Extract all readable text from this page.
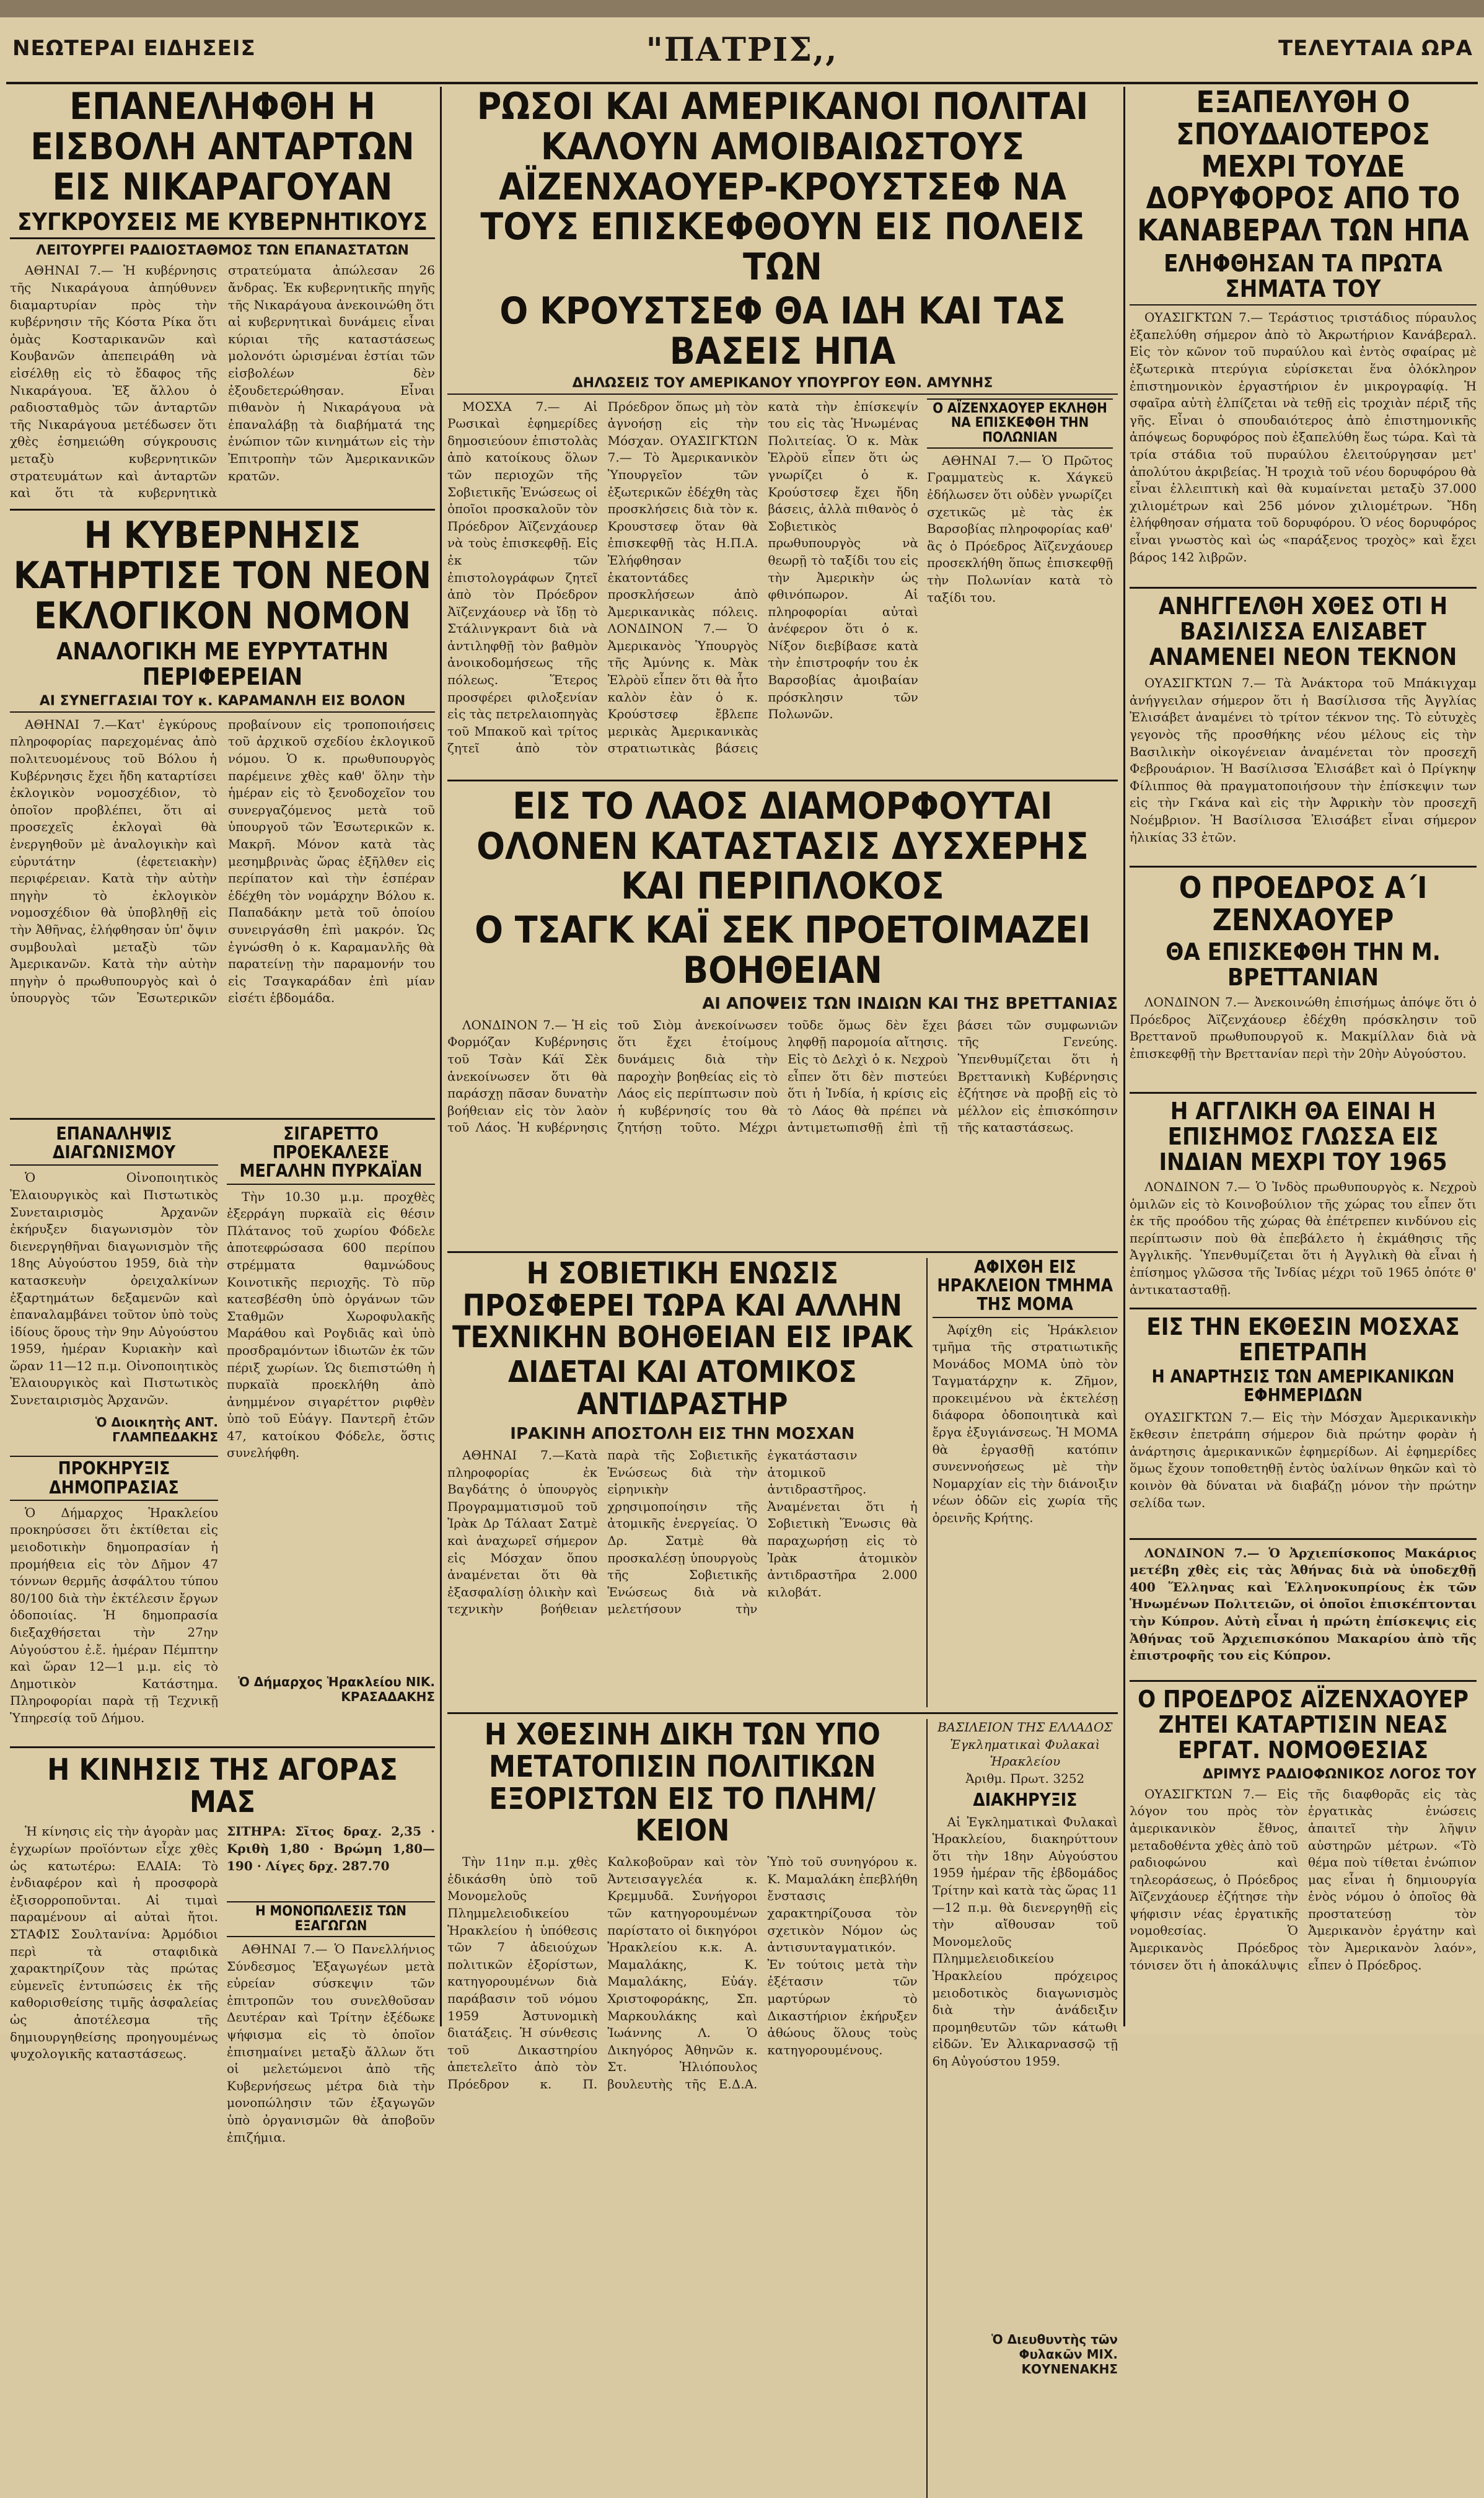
ΝΕΩΤΕΡΑΙ ΕΙΔΗΣΕΙΣ	"ΠΑΤΡΙΣ,,	ΤΕΛΕΥΤΑΙΑ ΩΡΑ
ΕΠΑΝΕΛΗΦΘΗ Η ΕΙΣΒΟΛΗ ΑΝΤΑΡΤΩΝ ΕΙΣ ΝΙΚΑΡΑΓΟΥΑΝ
ΣΥΓΚΡΟΥΣΕΙΣ ΜΕ ΚΥΒΕΡΝΗΤΙΚΟΥΣ
ΛΕΙΤΟΥΡΓΕΙ ΡΑΔΙΟΣΤΑΘΜΟΣ ΤΩΝ ΕΠΑΝΑΣΤΑΤΩΝ

ΑΘΗΝΑΙ 7.— Ἡ κυβέρνησις τῆς Νικαράγουα ἀπηύθυνεν διαμαρτυρίαν πρὸς τὴν κυβέρνησιν τῆς Κόστα Ρίκα ὅτι ὁμὰς Κοσταρικανῶν καὶ Κουβανῶν ἀπεπειράθη νὰ εἰσέλθῃ εἰς τὸ ἔδαφος τῆς Νικαράγουα. Ἐξ ἄλλου ὁ ραδιοσταθμὸς τῶν ἀνταρτῶν τῆς Νικαράγουα μετέδωσεν ὅτι χθὲς ἐσημειώθη σύγκρουσις μεταξὺ κυβερνητικῶν στρατευμάτων καὶ ἀνταρτῶν καὶ ὅτι τὰ κυβερνητικὰ στρατεύματα ἀπώλεσαν 26 ἄνδρας. Ἐκ κυβερνητικῆς πηγῆς τῆς Νικαράγουα ἀνεκοινώθη ὅτι αἱ κυβερνητικαὶ δυνάμεις εἶναι κύριαι τῆς καταστάσεως μολονότι ὡρισμέναι ἑστίαι τῶν εἰσβολέων δὲν ἐξουδετερώθησαν. Εἶναι πιθανὸν ἡ Νικαράγουα νὰ ἐπαναλάβῃ τὰ διαβήματά της ἐνώπιον τῶν κινημάτων εἰς τὴν Ἐπιτροπὴν τῶν Ἀμερικανικῶν κρατῶν.

Η ΚΥΒΕΡΝΗΣΙΣ ΚΑΤΗΡΤΙΣΕ ΤΟΝ ΝΕΟΝ ΕΚΛΟΓΙΚΟΝ ΝΟΜΟΝ
ΑΝΑΛΟΓΙΚΗ ΜΕ ΕΥΡΥΤΑΤΗΝ ΠΕΡΙΦΕΡΕΙΑΝ
ΑΙ ΣΥΝΕΓΓΑΣΙΑΙ ΤΟΥ κ. ΚΑΡΑΜΑΝΛΗ ΕΙΣ ΒΟΛΟΝ

ΑΘΗΝΑΙ 7.—Κατ' ἐγκύρους πληροφορίας παρεχομένας ἀπὸ πολιτευομένους τοῦ Βόλου ἡ Κυβέρνησις ἔχει ἤδη καταρτίσει ἐκλογικὸν νομοσχέδιον, τὸ ὁποῖον προβλέπει, ὅτι αἱ προσεχεῖς ἐκλογαὶ θὰ ἐνεργηθοῦν μὲ ἀναλογικὴν καὶ εὐρυτάτην (ἐφετειακὴν) περιφέρειαν. Κατὰ τὴν αὐτὴν πηγὴν τὸ ἐκλογικὸν νομοσχέδιον θὰ ὑποβληθῇ εἰς τὴν Ἀθῆνας, ἐλήφθησαν ὑπ' ὄψιν συμβουλαὶ μεταξὺ τῶν Ἀμερικανῶν. Κατὰ τὴν αὐτὴν πηγὴν ὁ πρωθυπουργὸς καὶ ὁ ὑπουργὸς τῶν Ἐσωτερικῶν προβαίνουν εἰς τροποποιήσεις τοῦ ἀρχικοῦ σχεδίου ἐκλογικοῦ νόμου. Ὁ κ. πρωθυπουργὸς παρέμεινε χθὲς καθ' ὅλην τὴν ἡμέραν εἰς τὸ ξενοδοχεῖον του συνεργαζόμενος μετὰ τοῦ ὑπουργοῦ τῶν Ἐσωτερικῶν κ. Μακρῆ. Μόνον κατὰ τὰς μεσημβρινὰς ὥρας ἐξῆλθεν εἰς περίπατον καὶ τὴν ἑσπέραν ἐδέχθη τὸν νομάρχην Βόλου κ. Παπαδάκην μετὰ τοῦ ὁποίου συνειργάσθη ἐπὶ μακρόν. Ὡς ἐγνώσθη ὁ κ. Καραμανλῆς θὰ παρατείνῃ τὴν παραμονήν του εἰς Τσαγκαράδαν ἐπὶ μίαν εἰσέτι ἑβδομάδα.

ΕΠΑΝΑΛΗΨΙΣ ΔΙΑΓΩΝΙΣΜΟΥ

Ὁ Οἰνοποιητικὸς Ἐλαιουργικὸς καὶ Πιστωτικὸς Συνεταιρισμὸς Ἀρχανῶν ἐκήρυξεν διαγωνισμὸν τὸν διενεργηθῆναι διαγωνισμὸν τῆς 18ης Αὐγούστου 1959, διὰ τὴν κατασκευὴν ὀρειχαλκίνων ἐξαρτημάτων δεξαμενῶν καὶ ἐπαναλαμβάνει τοῦτον ὑπὸ τοὺς ἰδίους ὅρους τὴν 9ην Αὐγούστου 1959, ἡμέραν Κυριακὴν καὶ ὥραν 11—12 π.μ. Οἰνοποιητικὸς Ἐλαιουργικὸς καὶ Πιστωτικὸς Συνεταιρισμὸς Ἀρχανῶν.

Ὁ Διοικητὴς ΑΝΤ. ΓΛΑΜΠΕΔΑΚΗΣ
ΠΡΟΚΗΡΥΞΙΣ ΔΗΜΟΠΡΑΣΙΑΣ

Ὁ Δήμαρχος Ἡρακλείου προκηρύσσει ὅτι ἐκτίθεται εἰς μειοδοτικὴν δημοπρασίαν ἡ προμήθεια εἰς τὸν Δῆμον 47 τόννων θερμῆς ἀσφάλτου τύπου 80/100 διὰ τὴν ἐκτέλεσιν ἔργων ὁδοποιίας. Ἡ δημοπρασία διεξαχθήσεται τὴν 27ην Αὐγούστου ἐ.ἔ. ἡμέραν Πέμπτην καὶ ὥραν 12—1 μ.μ. εἰς τὸ Δημοτικὸν Κατάστημα. Πληροφορίαι παρὰ τῇ Τεχνικῇ Ὑπηρεσίᾳ τοῦ Δήμου.

ΣΙΓΑΡΕΤΤΟ ΠΡΟΕΚΑΛΕΣΕ ΜΕΓΑΛΗΝ ΠΥΡΚΑΪΑΝ

Τὴν 10.30 μ.μ. προχθὲς ἐξερράγη πυρκαϊὰ εἰς θέσιν Πλάτανος τοῦ χωρίου Φόδελε ἀποτεφρώσασα 600 περίπου στρέμματα θαμνώδους Κοινοτικῆς περιοχῆς. Τὸ πῦρ κατεσβέσθη ὑπὸ ὀργάνων τῶν Σταθμῶν Χωροφυλακῆς Μαράθου καὶ Ρογδιᾶς καὶ ὑπὸ προσδραμόντων ἰδιωτῶν ἐκ τῶν πέριξ χωρίων. Ὡς διεπιστώθη ἡ πυρκαϊὰ προεκλήθη ἀπὸ ἀνημμένον σιγαρέττον ριφθὲν ὑπὸ τοῦ Εὐάγγ. Παντερῆ ἐτῶν 47, κατοίκου Φόδελε, ὅστις συνελήφθη.

Ὁ Δήμαρχος Ἡρακλείου ΝΙΚ. ΚΡΑΣΑΔΑΚΗΣ
Η ΚΙΝΗΣΙΣ ΤΗΣ ΑΓΟΡΑΣ ΜΑΣ

Ἡ κίνησις εἰς τὴν ἀγορὰν μας ἐγχωρίων προϊόντων εἶχε χθὲς ὡς κατωτέρω: ΕΛΑΙΑ: Τὸ ἐνδιαφέρον καὶ ἡ προσφορὰ ἐξισορροποῦνται. Αἱ τιμαὶ παραμένουν αἱ αὐταὶ ἤτοι. ΣΤΑΦΙΣ Σουλτανίνα: Ἀρμόδιοι περὶ τὰ σταφιδικὰ χαρακτηρίζουν τὰς πρώτας εὐμενεῖς ἐντυπώσεις ἐκ τῆς καθορισθείσης τιμῆς ἀσφαλείας ὡς ἀποτέλεσμα τῆς δημιουργηθείσης προηγουμένως ψυχολογικῆς καταστάσεως.

ΣΙΤΗΡΑ: Σῖτος δραχ. 2,35 · Κριθὴ 1,80 · Βρώμη 1,80—190 · Λίγες δρχ. 287.70
Η ΜΟΝΟΠΩΛΕΣΙΣ ΤΩΝ ΕΞΑΓΩΓΩΝ

ΑΘΗΝΑΙ 7.— Ὁ Πανελλήνιος Σύνδεσμος Ἐξαγωγέων μετὰ εὐρείαν σύσκεψιν τῶν ἐπιτροπῶν του συνελθοῦσαν Δευτέραν καὶ Τρίτην ἐξέδωκε ψήφισμα εἰς τὸ ὁποῖον ἐπισημαίνει μεταξὺ ἄλλων ὅτι οἱ μελετώμενοι ἀπὸ τῆς Κυβερνήσεως μέτρα διὰ τὴν μονοπώλησιν τῶν ἐξαγωγῶν ὑπὸ ὀργανισμῶν θὰ ἀποβοῦν ἐπιζήμια.

ΡΩΣΟΙ ΚΑΙ ΑΜΕΡΙΚΑΝΟΙ ΠΟΛΙΤΑΙ ΚΑΛΟΥΝ ΑΜΟΙΒΑΙΩΣΤΟΥΣ ΑΪΖΕΝΧΑΟΥΕΡ-ΚΡΟΥΣΤΣΕΦ ΝΑ ΤΟΥΣ ΕΠΙΣΚΕΦΘΟΥΝ ΕΙΣ ΠΟΛΕΙΣ ΤΩΝ
Ο ΚΡΟΥΣΤΣΕΦ ΘΑ ΙΔΗ ΚΑΙ ΤΑΣ ΒΑΣΕΙΣ ΗΠΑ
ΔΗΛΩΣΕΙΣ ΤΟΥ ΑΜΕΡΙΚΑΝΟΥ ΥΠΟΥΡΓΟΥ ΕΘΝ. ΑΜΥΝΗΣ

ΜΟΣΧΑ 7.— Αἱ Ρωσικαὶ ἐφημερίδες δημοσιεύουν ἐπιστολὰς ἀπὸ κατοίκους ὅλων τῶν περιοχῶν τῆς Σοβιετικῆς Ἑνώσεως οἱ ὁποῖοι προσκαλοῦν τὸν Πρόεδρον Ἀϊζενχάουερ νὰ τοὺς ἐπισκεφθῇ. Εἰς ἐκ τῶν ἐπιστολογράφων ζητεῖ ἀπὸ τὸν Πρόεδρον Ἀϊζενχάουερ νὰ ἴδῃ τὸ Στάλινγκραντ διὰ νὰ ἀντιληφθῇ τὸν βαθμὸν ἀνοικοδομήσεως τῆς πόλεως. Ἕτερος προσφέρει φιλοξενίαν εἰς τὰς πετρελαιοπηγὰς τοῦ Μπακοῦ καὶ τρίτος ζητεῖ ἀπὸ τὸν Πρόεδρον ὅπως μὴ τὸν ἀγνοήσῃ εἰς τὴν Μόσχαν. ΟΥΑΣΙΓΚΤΩΝ 7.— Τὸ Ἀμερικανικὸν Ὑπουργεῖον τῶν ἐξωτερικῶν ἐδέχθη τὰς προσκλήσεις διὰ τὸν κ. Κρουστσεφ ὅταν θὰ ἐπισκεφθῇ τὰς Η.Π.Α. Ἐλήφθησαν ἑκατοντάδες προσκλήσεων ἀπὸ Ἀμερικανικὰς πόλεις. ΛΟΝΔΙΝΟΝ 7.— Ὁ Ἀμερικανὸς Ὑπουργὸς τῆς Ἀμύνης κ. Μὰκ Ἐλρὸϋ εἶπεν ὅτι θὰ ἦτο καλὸν ἐὰν ὁ κ. Κρούστσεφ ἔβλεπε μερικὰς Ἀμερικανικὰς στρατιωτικὰς βάσεις κατὰ τὴν ἐπίσκεψίν του εἰς τὰς Ἡνωμένας Πολιτείας. Ὁ κ. Μὰκ Ἐλρὸϋ εἶπεν ὅτι ὡς γνωρίζει ὁ κ. Κρούστσεφ ἔχει ἤδη βάσεις, ἀλλὰ πιθανὸς ὁ Σοβιετικὸς πρωθυπουργὸς νὰ θεωρῇ τὸ ταξίδι του εἰς τὴν Ἀμερικὴν ὡς φθινόπωρον. Αἱ πληροφορίαι αὐταὶ ἀνέφερον ὅτι ὁ κ. Νίξον διεβίβασε κατὰ τὴν ἐπιστροφήν του ἐκ Βαρσοβίας ἀμοιβαίαν πρόσκλησιν τῶν Πολωνῶν.

Ο ΑΪΖΕΝΧΑΟΥΕΡ ΕΚΛΗΘΗ ΝΑ ΕΠΙΣΚΕΦΘΗ ΤΗΝ ΠΟΛΩΝΙΑΝ

ΑΘΗΝΑΙ 7.— Ὁ Πρῶτος Γραμματεὺς κ. Χάγκεϋ ἐδήλωσεν ὅτι οὐδὲν γνωρίζει σχετικῶς μὲ τὰς ἐκ Βαρσοβίας πληροφορίας καθ' ἃς ὁ Πρόεδρος Ἀϊζενχάουερ προσεκλήθη ὅπως ἐπισκεφθῇ τὴν Πολωνίαν κατὰ τὸ ταξίδι του.

ΕΙΣ ΤΟ ΛΑΟΣ ΔΙΑΜΟΡΦΟΥΤΑΙ ΟΛΟΝΕΝ ΚΑΤΑΣΤΑΣΙΣ ΔΥΣΧΕΡΗΣ ΚΑΙ ΠΕΡΙΠΛΟΚΟΣ
Ο ΤΣΑΓΚ ΚΑΪ ΣΕΚ ΠΡΟΕΤΟΙΜΑΖΕΙ ΒΟΗΘΕΙΑΝ
ΑΙ ΑΠΟΨΕΙΣ ΤΩΝ ΙΝΔΙΩΝ ΚΑΙ ΤΗΣ ΒΡΕΤΤΑΝΙΑΣ

ΛΟΝΔΙΝΟΝ 7.— Ἡ εἰς Φορμόζαν Κυβέρνησις τοῦ Τσὰν Κάϊ Σὲκ ἀνεκοίνωσεν ὅτι θὰ παράσχῃ πᾶσαν δυνατὴν βοήθειαν εἰς τὸν λαὸν τοῦ Λάος. Ἡ κυβέρνησις τοῦ Σιὸμ ἀνεκοίνωσεν ὅτι ἔχει ἐτοίμους δυνάμεις διὰ τὴν παροχὴν βοηθείας εἰς τὸ Λάος εἰς περίπτωσιν ποὺ ἡ κυβέρνησίς του θὰ ζητήσῃ τοῦτο. Μέχρι τοῦδε ὅμως δὲν ἔχει ληφθῇ παρομοία αἴτησις. Εἰς τὸ Δελχὶ ὁ κ. Νεχροὺ εἶπεν ὅτι δὲν πιστεύει ὅτι ἡ Ἰνδία, ἡ κρίσις εἰς τὸ Λάος θὰ πρέπει νὰ ἀντιμετωπισθῇ ἐπὶ τῇ βάσει τῶν συμφωνιῶν τῆς Γενεύης. Ὑπενθυμίζεται ὅτι ἡ Βρεττανικὴ Κυβέρνησις ἐζήτησε νὰ προβῇ εἰς τὸ μέλλον εἰς ἐπισκόπησιν τῆς καταστάσεως.

Η ΣΟΒΙΕΤΙΚΗ ΕΝΩΣΙΣ ΠΡΟΣΦΕΡΕΙ ΤΩΡΑ ΚΑΙ ΑΛΛΗΝ ΤΕΧΝΙΚΗΝ ΒΟΗΘΕΙΑΝ ΕΙΣ ΙΡΑΚ
ΔΙΔΕΤΑΙ ΚΑΙ ΑΤΟΜΙΚΟΣ ΑΝΤΙΔΡΑΣΤΗΡ
ΙΡΑΚΙΝΗ ΑΠΟΣΤΟΛΗ ΕΙΣ ΤΗΝ ΜΟΣΧΑΝ

ΑΘΗΝΑΙ 7.—Κατὰ πληροφορίας ἐκ Βαγδάτης ὁ ὑπουργὸς Προγραμματισμοῦ τοῦ Ἰρὰκ Δρ Τάλαατ Σατμὲ καὶ ἀναχωρεῖ σήμερον εἰς Μόσχαν ὅπου ἀναμένεται ὅτι θὰ ἐξασφαλίσῃ ὁλικὴν καὶ τεχνικὴν βοήθειαν παρὰ τῆς Σοβιετικῆς Ἑνώσεως διὰ τὴν εἰρηνικὴν χρησιμοποίησιν τῆς ἀτομικῆς ἐνεργείας. Ὁ Δρ. Σατμὲ θὰ προσκαλέσῃ ὑπουργοὺς τῆς Σοβιετικῆς Ἑνώσεως διὰ νὰ μελετήσουν τὴν ἐγκατάστασιν ἀτομικοῦ ἀντιδραστῆρος. Ἀναμένεται ὅτι ἡ Σοβιετικὴ Ἕνωσις θὰ παραχωρήσῃ εἰς τὸ Ἰρὰκ ἀτομικὸν ἀντιδραστῆρα 2.000 κιλοβάτ.

ΑΦΙΧΘΗ ΕΙΣ ΗΡΑΚΛΕΙΟΝ ΤΜΗΜΑ ΤΗΣ ΜΟΜΑ

Ἀφίχθη εἰς Ἡράκλειον τμῆμα τῆς στρατιωτικῆς Μονάδος ΜΟΜΑ ὑπὸ τὸν Ταγματάρχην κ. Ζῆμον, προκειμένου νὰ ἐκτελέσῃ διάφορα ὁδοποιητικὰ καὶ ἔργα ἐξυγιάνσεως. Ἡ ΜΟΜΑ θὰ ἐργασθῇ κατόπιν συνεννοήσεως μὲ τὴν Νομαρχίαν εἰς τὴν διάνοιξιν νέων ὁδῶν εἰς χωρία τῆς ὀρεινῆς Κρήτης.

Η ΧΘΕΣΙΝΗ ΔΙΚΗ ΤΩΝ ΥΠΟ ΜΕΤΑΤΟΠΙΣΙΝ ΠΟΛΙΤΙΚΩΝ ΕΞΟΡΙΣΤΩΝ ΕΙΣ ΤΟ ΠΛΗΜ/ΚΕΙΟΝ

Τὴν 11ην π.μ. χθὲς ἐδικάσθη ὑπὸ τοῦ Μονομελοῦς Πλημμελειοδικείου Ἡρακλείου ἡ ὑπόθεσις τῶν 7 ἀδειούχων πολιτικῶν ἐξορίστων, κατηγορουμένων διὰ παράβασιν τοῦ νόμου 1959 Ἀστυνομικὴ διατάξεις. Ἡ σύνθεσις τοῦ Δικαστηρίου ἀπετελεῖτο ἀπὸ τὸν Πρόεδρον κ. Π. Καλκοβοῦραν καὶ τὸν Ἀντεισαγγελέα κ. Κρεμμυδᾶ. Συνήγοροι τῶν κατηγορουμένων παρίστατο οἱ δικηγόροι Ἡρακλείου κ.κ. Α. Μαμαλάκης, Κ. Μαμαλάκης, Εὐάγ. Χριστοφοράκης, Σπ. Μαρκουλάκης καὶ Ἰωάννης Λ. Ὁ Δικηγόρος Ἀθηνῶν κ. Στ. Ἠλιόπουλος βουλευτὴς τῆς Ε.Δ.Α. Ὑπὸ τοῦ συνηγόρου κ. Κ. Μαμαλάκη ἐπεβλήθη ἔνστασις χαρακτηρίζουσα τὸν σχετικὸν Νόμον ὡς ἀντισυνταγματικόν. Ἐν τούτοις μετὰ τὴν ἐξέτασιν τῶν μαρτύρων τὸ Δικαστήριον ἐκήρυξεν ἀθώους ὅλους τοὺς κατηγορουμένους.

ΒΑΣΙΛΕΙΟΝ ΤΗΣ ΕΛΛΑΔΟΣ Ἐγκληματικαὶ Φυλακαὶ Ἡρακλείου
Ἀριθμ. Πρωτ. 3252
ΔΙΑΚΗΡΥΞΙΣ

Αἱ Ἐγκληματικαὶ Φυλακαὶ Ἡρακλείου, διακηρύττουν ὅτι τὴν 18ην Αὐγούστου 1959 ἡμέραν τῆς ἑβδομάδος Τρίτην καὶ κατὰ τὰς ὥρας 11—12 π.μ. θὰ διενεργηθῇ εἰς τὴν αἴθουσαν τοῦ Μονομελοῦς Πλημμελειοδικείου Ἡρακλείου πρόχειρος μειοδοτικὸς διαγωνισμὸς διὰ τὴν ἀνάδειξιν προμηθευτῶν τῶν κάτωθι εἰδῶν. Ἐν Ἀλικαρνασσῷ τῇ 6η Αὐγούστου 1959.

Ὁ Διευθυντὴς τῶν Φυλακῶν ΜΙΧ. ΚΟΥΝΕΝΑΚΗΣ
ΕΞΑΠΕΛΥΘΗ Ο ΣΠΟΥΔΑΙΟΤΕΡΟΣ ΜΕΧΡΙ ΤΟΥΔΕ ΔΟΡΥΦΟΡΟΣ ΑΠΟ ΤΟ ΚΑΝΑΒΕΡΑΛ ΤΩΝ ΗΠΑ
ΕΛΗΦΘΗΣΑΝ ΤΑ ΠΡΩΤΑ ΣΗΜΑΤΑ ΤΟΥ

ΟΥΑΣΙΓΚΤΩΝ 7.— Τεράστιος τριστάδιος πύραυλος ἐξαπελύθη σήμερον ἀπὸ τὸ Ἀκρωτήριον Κανάβεραλ. Εἰς τὸν κῶνον τοῦ πυραύλου καὶ ἐντὸς σφαίρας μὲ ἐξωτερικὰ πτερύγια εὑρίσκεται ἕνα ὁλόκληρον ἐπιστημονικὸν ἐργαστήριον ἐν μικρογραφίᾳ. Ἡ σφαῖρα αὐτὴ ἐλπίζεται νὰ τεθῇ εἰς τροχιὰν πέριξ τῆς γῆς. Εἶναι ὁ σπουδαιότερος ἀπὸ ἐπιστημονικῆς ἀπόψεως δορυφόρος ποὺ ἐξαπελύθη ἕως τώρα. Καὶ τὰ τρία στάδια τοῦ πυραύλου ἐλειτούργησαν μετ' ἀπολύτου ἀκριβείας. Ἡ τροχιὰ τοῦ νέου δορυφόρου θὰ εἶναι ἐλλειπτικὴ καὶ θὰ κυμαίνεται μεταξὺ 37.000 χιλιομέτρων καὶ 256 μόνον χιλιομέτρων. Ἤδη ἐλήφθησαν σήματα τοῦ δορυφόρου. Ὁ νέος δορυφόρος εἶναι γνωστὸς καὶ ὡς «παράξενος τροχὸς» καὶ ἔχει βάρος 142 λιβρῶν.

ΑΝΗΓΓΕΛΘΗ ΧΘΕΣ ΟΤΙ Η ΒΑΣΙΛΙΣΣΑ ΕΛΙΣΑΒΕΤ ΑΝΑΜΕΝΕΙ ΝΕΟΝ ΤΕΚΝΟΝ

ΟΥΑΣΙΓΚΤΩΝ 7.— Τὰ Ἀνάκτορα τοῦ Μπάκιγχαμ ἀνήγγειλαν σήμερον ὅτι ἡ Βασίλισσα τῆς Ἀγγλίας Ἐλισάβετ ἀναμένει τὸ τρίτον τέκνον της. Τὸ εὐτυχὲς γεγονὸς τῆς προσθήκης νέου μέλους εἰς τὴν Βασιλικὴν οἰκογένειαν ἀναμένεται τὸν προσεχῆ Φεβρουάριον. Ἡ Βασίλισσα Ἐλισάβετ καὶ ὁ Πρίγκηψ Φίλιππος θὰ πραγματοποιήσουν τὴν ἐπίσκεψιν των εἰς τὴν Γκάνα καὶ εἰς τὴν Ἀφρικὴν τὸν προσεχῆ Νοέμβριον. Ἡ Βασίλισσα Ἐλισάβετ εἶναι σήμερον ἡλικίας 33 ἐτῶν.

Ο ΠΡΟΕΔΡΟΣ Α΄Ι ΖΕΝΧΑΟΥΕΡ
ΘΑ ΕΠΙΣΚΕΦΘΗ ΤΗΝ Μ. ΒΡΕΤΤΑΝΙΑΝ

ΛΟΝΔΙΝΟΝ 7.— Ἀνεκοινώθη ἐπισήμως ἀπόψε ὅτι ὁ Πρόεδρος Ἀϊζενχάουερ ἐδέχθη πρόσκλησιν τοῦ Βρεττανοῦ πρωθυπουργοῦ κ. Μακμίλλαν διὰ νὰ ἐπισκεφθῇ τὴν Βρεττανίαν περὶ τὴν 20ὴν Αὐγούστου.

Η ΑΓΓΛΙΚΗ ΘΑ ΕΙΝΑΙ Η ΕΠΙΣΗΜΟΣ ΓΛΩΣΣΑ ΕΙΣ ΙΝΔΙΑΝ ΜΕΧΡΙ ΤΟΥ 1965

ΛΟΝΔΙΝΟΝ 7.— Ὁ Ἰνδὸς πρωθυπουργὸς κ. Νεχροὺ ὁμιλῶν εἰς τὸ Κοινοβούλιον τῆς χώρας του εἶπεν ὅτι ἐκ τῆς προόδου τῆς χώρας θὰ ἐπέτρεπεν κινδύνου εἰς περίπτωσιν ποὺ θὰ ἐπεβάλετο ἡ ἐκμάθησις τῆς Ἀγγλικῆς. Ὑπενθυμίζεται ὅτι ἡ Ἀγγλικὴ θὰ εἶναι ἡ ἐπίσημος γλῶσσα τῆς Ἰνδίας μέχρι τοῦ 1965 ὁπότε θ' ἀντικατασταθῇ.

ΕΙΣ ΤΗΝ ΕΚΘΕΣΙΝ ΜΟΣΧΑΣ ΕΠΕΤΡΑΠΗ
Η ΑΝΑΡΤΗΣΙΣ ΤΩΝ ΑΜΕΡΙΚΑΝΙΚΩΝ ΕΦΗΜΕΡΙΔΩΝ

ΟΥΑΣΙΓΚΤΩΝ 7.— Εἰς τὴν Μόσχαν Ἀμερικανικὴν ἔκθεσιν ἐπετράπη σήμερον διὰ πρώτην φορὰν ἡ ἀνάρτησις ἀμερικανικῶν ἐφημερίδων. Αἱ ἐφημερίδες ὅμως ἔχουν τοποθετηθῇ ἐντὸς ὑαλίνων θηκῶν καὶ τὸ κοινὸν θὰ δύναται νὰ διαβάζῃ μόνον τὴν πρώτην σελίδα των.

ΛΟΝΔΙΝΟΝ 7.— Ὁ Ἀρχιεπίσκοπος Μακάριος μετέβη χθὲς εἰς τὰς Ἀθήνας διὰ νὰ ὑποδεχθῇ 400 Ἕλληνας καὶ Ἑλληνοκυπρίους ἐκ τῶν Ἡνωμένων Πολιτειῶν, οἱ ὁποῖοι ἐπισκέπτονται τὴν Κύπρον. Αὐτὴ εἶναι ἡ πρώτη ἐπίσκεψις εἰς Ἀθήνας τοῦ Ἀρχιεπισκόπου Μακαρίου ἀπὸ τῆς ἐπιστροφῆς του εἰς Κύπρον.

Ο ΠΡΟΕΔΡΟΣ ΑΪΖΕΝΧΑΟΥΕΡ ΖΗΤΕΙ ΚΑΤΑΡΤΙΣΙΝ ΝΕΑΣ ΕΡΓΑΤ. ΝΟΜΟΘΕΣΙΑΣ
ΔΡΙΜΥΣ ΡΑΔΙΟΦΩΝΙΚΟΣ ΛΟΓΟΣ ΤΟΥ

ΟΥΑΣΙΓΚΤΩΝ 7.— Εἰς λόγον του πρὸς τὸν ἀμερικανικὸν ἔθνος, μεταδοθέντα χθὲς ἀπὸ τοῦ ραδιοφώνου καὶ τηλεοράσεως, ὁ Πρόεδρος Ἀϊζενχάουερ ἐζήτησε τὴν ψήφισιν νέας ἐργατικῆς νομοθεσίας. Ὁ Ἀμερικανὸς Πρόεδρος τόνισεν ὅτι ἡ ἀποκάλυψις τῆς διαφθορᾶς εἰς τὰς ἐργατικὰς ἑνώσεις ἀπαιτεῖ τὴν λῆψιν αὐστηρῶν μέτρων. «Τὸ θέμα ποὺ τίθεται ἐνώπιον μας εἶναι ἡ δημιουργία ἑνὸς νόμου ὁ ὁποῖος θὰ προστατεύσῃ τὸν Ἀμερικανὸν ἐργάτην καὶ τὸν Ἀμερικανὸν λαόν», εἶπεν ὁ Πρόεδρος.
